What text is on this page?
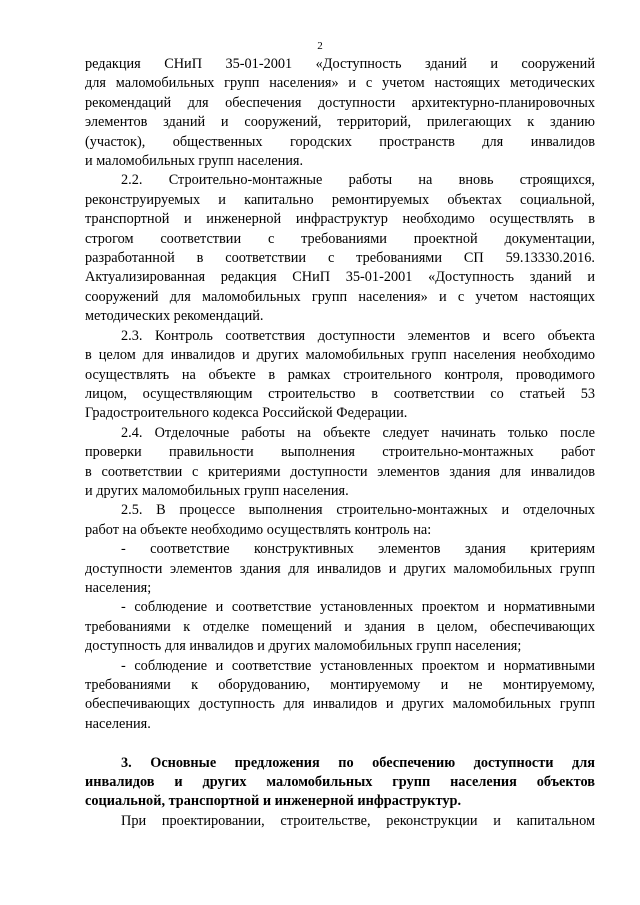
2

редакция СНиП 35-01-2001 «Доступность зданий и сооружений

для маломобильных групп населения» и с учетом настоящих методических

рекомендаций для обеспечения доступности архитектурно-планировочных

элементов зданий и сооружений, территорий, прилегающих к зданию

(участок), общественных городских пространств для инвалидов

и маломобильных групп населения.

2.2. Строительно-монтажные работы на вновь строящихся,

реконструируемых и капитально ремонтируемых объектах социальной,

транспортной и инженерной инфраструктур необходимо осуществлять в

строгом соответствии с требованиями проектной документации,

разработанной в соответствии с требованиями СП 59.13330.2016.

Актуализированная редакция СНиП 35-01-2001 «Доступность зданий и

сооружений для маломобильных групп населения» и с учетом настоящих

методических рекомендаций.

2.3. Контроль соответствия доступности элементов и всего объекта

в целом для инвалидов и других маломобильных групп населения необходимо

осуществлять на объекте в рамках строительного контроля, проводимого

лицом, осуществляющим строительство в соответствии со статьей 53

Градостроительного кодекса Российской Федерации.

2.4. Отделочные работы на объекте следует начинать только после

проверки правильности выполнения строительно-монтажных работ

в соответствии с критериями доступности элементов здания для инвалидов

и других маломобильных групп населения.

2.5. В процессе выполнения строительно-монтажных и отделочных

работ на объекте необходимо осуществлять контроль на:

- соответствие конструктивных элементов здания критериям

доступности элементов здания для инвалидов и других маломобильных групп

населения;

- соблюдение и соответствие установленных проектом и нормативными

требованиями к отделке помещений и здания в целом, обеспечивающих

доступность для инвалидов и других маломобильных групп населения;

- соблюдение и соответствие установленных проектом и нормативными

требованиями к оборудованию, монтируемому и не монтируемому,

обеспечивающих доступность для инвалидов и других маломобильных групп

населения.

3. Основные предложения по обеспечению доступности для

инвалидов и других маломобильных групп населения объектов

социальной, транспортной и инженерной инфраструктур.

При проектировании, строительстве, реконструкции и капитальном
